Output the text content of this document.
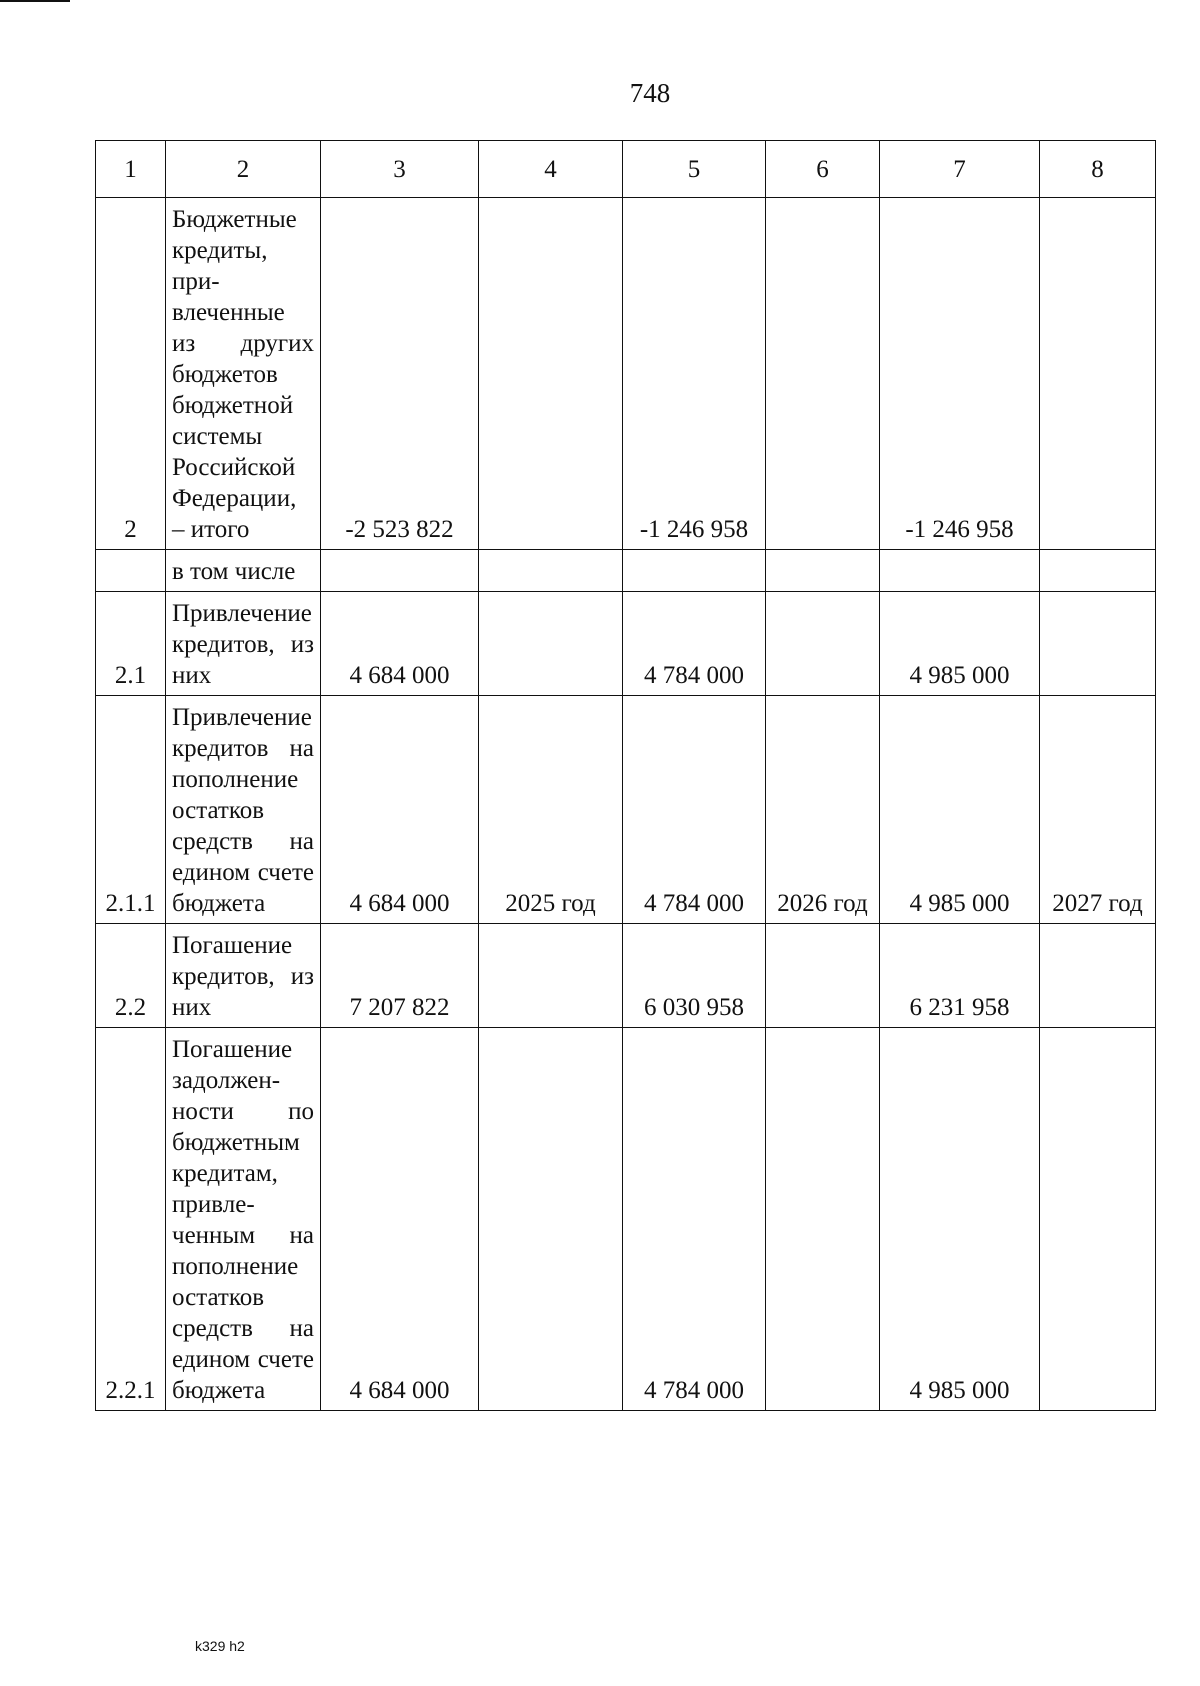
748
1	2	3	4	5	6	7	8
2	Бюджетные кредиты, привлеченные из других бюджетов бюджетной системы Российской Федерации, – итого	-2 523 822		-1 246 958		-1 246 958	
	в том числе						
2.1	Привлечение кредитов, из них	4 684 000		4 784 000		4 985 000	
2.1.1	Привлечение кредитов на пополнение остатков средств на едином счете бюджета	4 684 000	2025 год	4 784 000	2026 год	4 985 000	2027 год
2.2	Погашение кредитов, из них	7 207 822		6 030 958		6 231 958	
2.2.1	Погашение задолженности по бюджетным кредитам, привлеченным на пополнение остатков средств на едином счете бюджета	4 684 000		4 784 000		4 985 000	
k329 h2
